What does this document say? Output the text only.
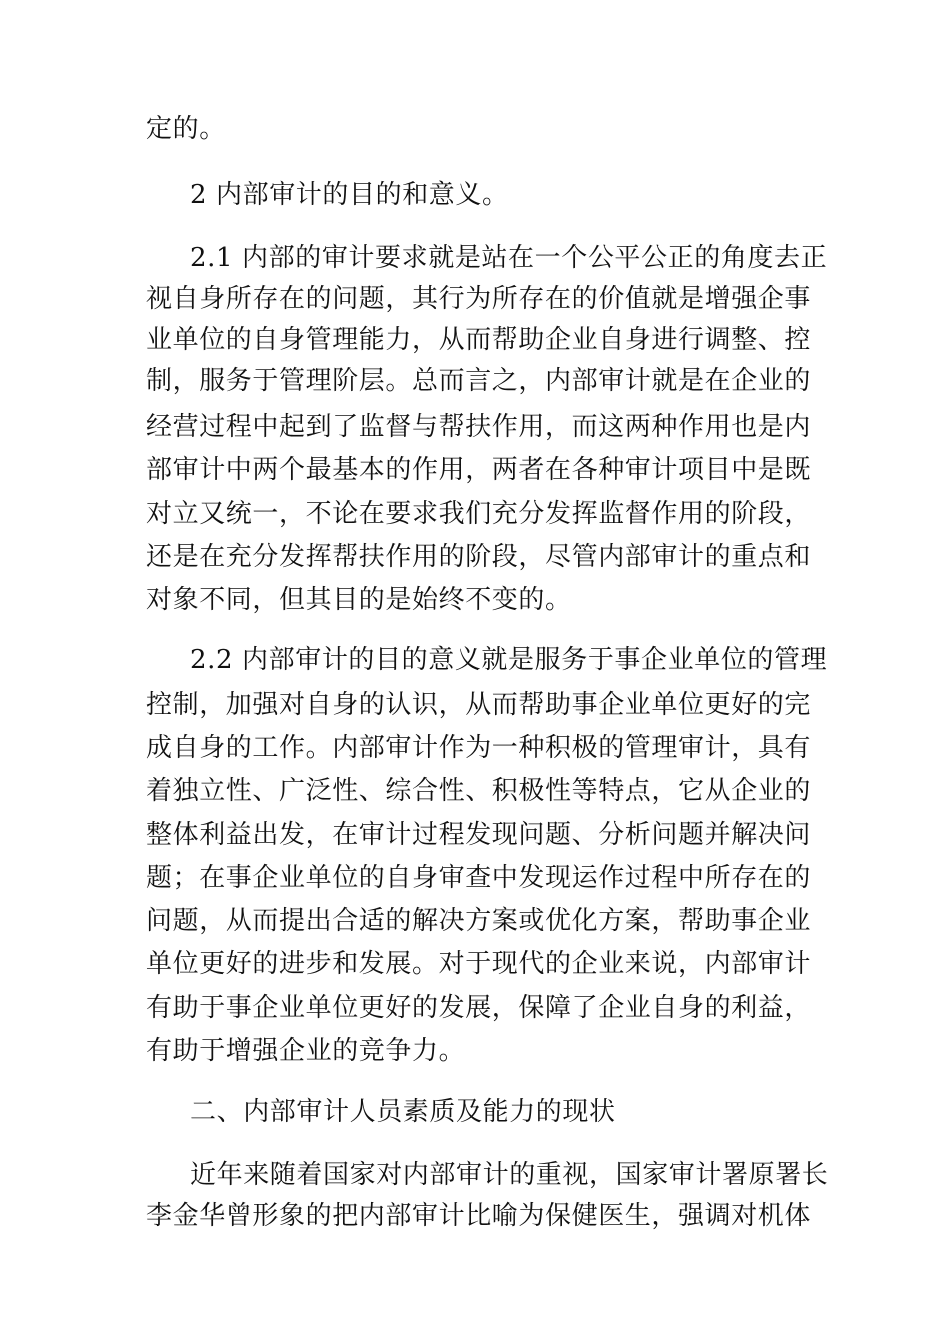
定的。
2 内部审计的目的和意义。
2.1 内部的审计要求就是站在一个公平公正的角度去正
视自身所存在的问题，其行为所存在的价值就是增强企事
业单位的自身管理能力，从而帮助企业自身进行调整、控
制，服务于管理阶层。总而言之，内部审计就是在企业的
经营过程中起到了监督与帮扶作用，而这两种作用也是内
部审计中两个最基本的作用，两者在各种审计项目中是既
对立又统一，不论在要求我们充分发挥监督作用的阶段，
还是在充分发挥帮扶作用的阶段，尽管内部审计的重点和
对象不同，但其目的是始终不变的。
2.2 内部审计的目的意义就是服务于事企业单位的管理
控制，加强对自身的认识，从而帮助事企业单位更好的完
成自身的工作。内部审计作为一种积极的管理审计，具有
着独立性、广泛性、综合性、积极性等特点，它从企业的
整体利益出发，在审计过程发现问题、分析问题并解决问
题；在事企业单位的自身审查中发现运作过程中所存在的
问题，从而提出合适的解决方案或优化方案，帮助事企业
单位更好的进步和发展。对于现代的企业来说，内部审计
有助于事企业单位更好的发展，保障了企业自身的利益，
有助于增强企业的竞争力。
二、内部审计人员素质及能力的现状
近年来随着国家对内部审计的重视，国家审计署原署长
李金华曾形象的把内部审计比喻为保健医生，强调对机体
